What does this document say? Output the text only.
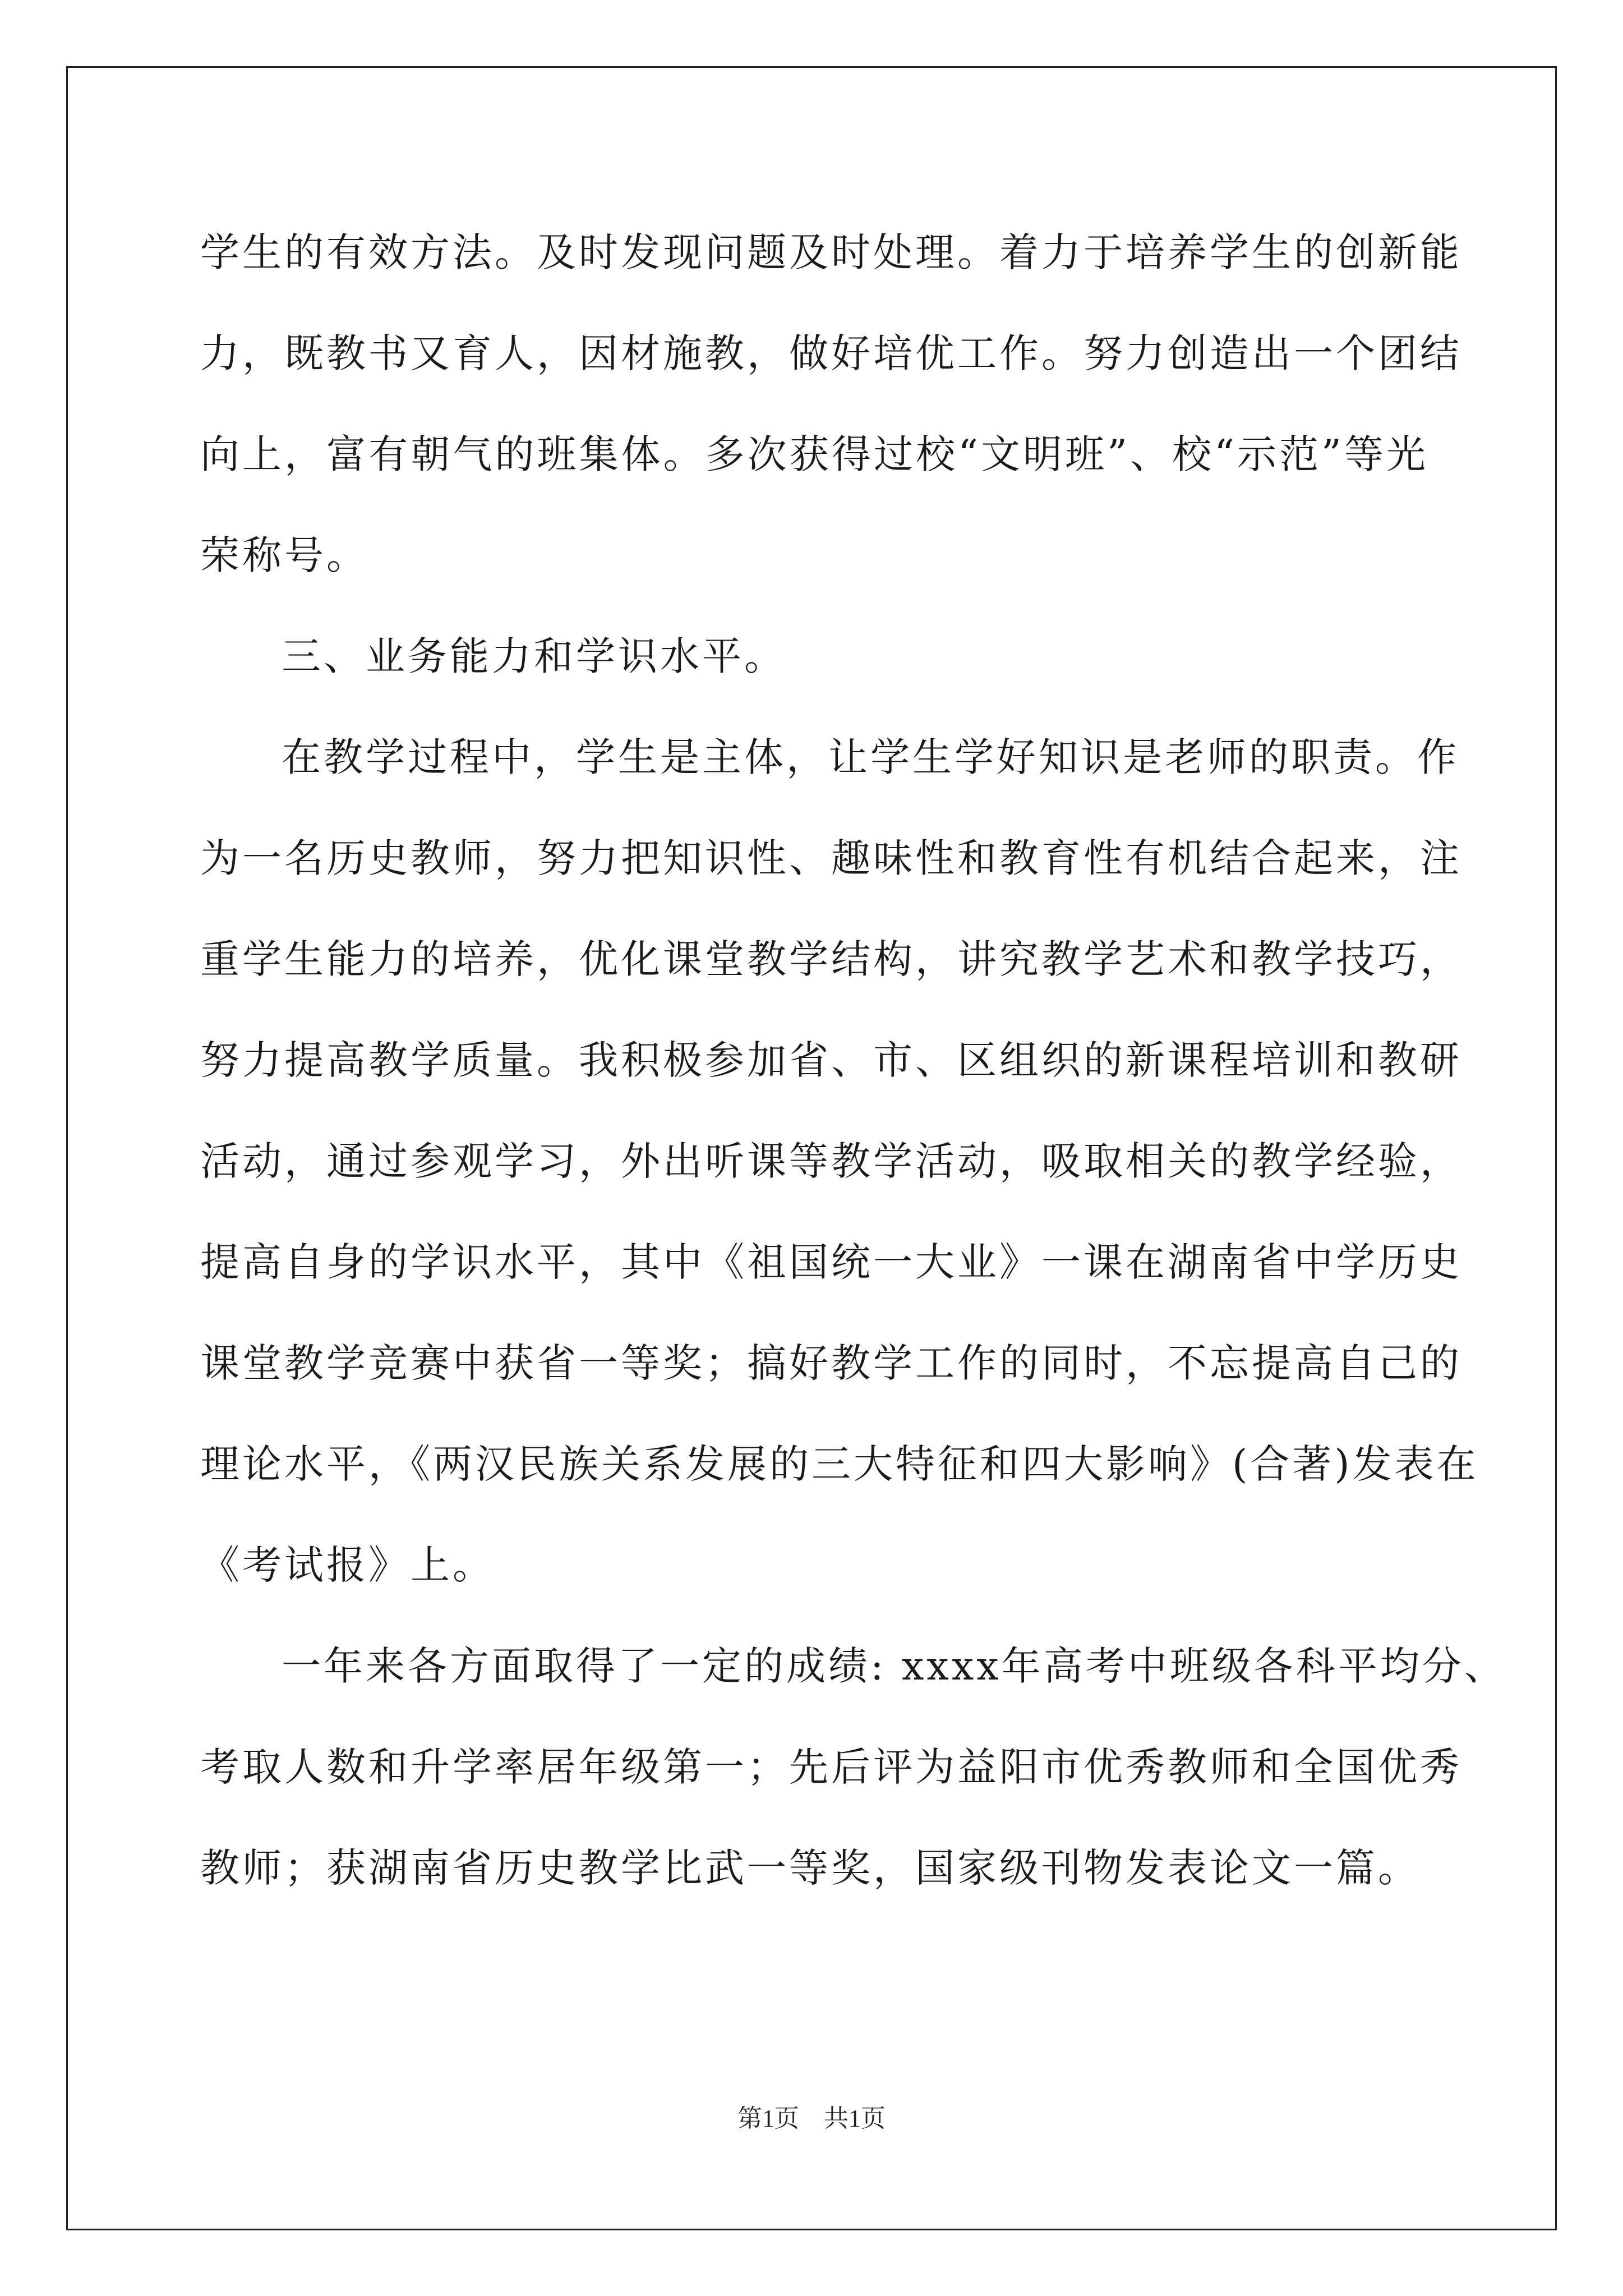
学生的有效方法。及时发现问题及时处理。着力于培养学生的创新能
力，既教书又育人，因材施教，做好培优工作。努力创造出一个团结
向上，富有朝气的班集体。多次获得过校“文明班”、校“示范”等光
荣称号。
三、业务能力和学识水平。
在教学过程中，学生是主体，让学生学好知识是老师的职责。作
为一名历史教师，努力把知识性、趣味性和教育性有机结合起来，注
重学生能力的培养，优化课堂教学结构，讲究教学艺术和教学技巧，
努力提高教学质量。我积极参加省、市、区组织的新课程培训和教研
活动，通过参观学习，外出听课等教学活动，吸取相关的教学经验，
提高自身的学识水平，其中《祖国统一大业》一课在湖南省中学历史
课堂教学竞赛中获省一等奖；搞好教学工作的同时，不忘提高自己的
理论水平，《两汉民族关系发展的三大特征和四大影响》(合著)发表在
《考试报》上。
一年来各方面取得了一定的成绩: xxxx年高考中班级各科平均分、
考取人数和升学率居年级第一；先后评为益阳市优秀教师和全国优秀
教师；获湖南省历史教学比武一等奖，国家级刊物发表论文一篇。
第1页　共1页
